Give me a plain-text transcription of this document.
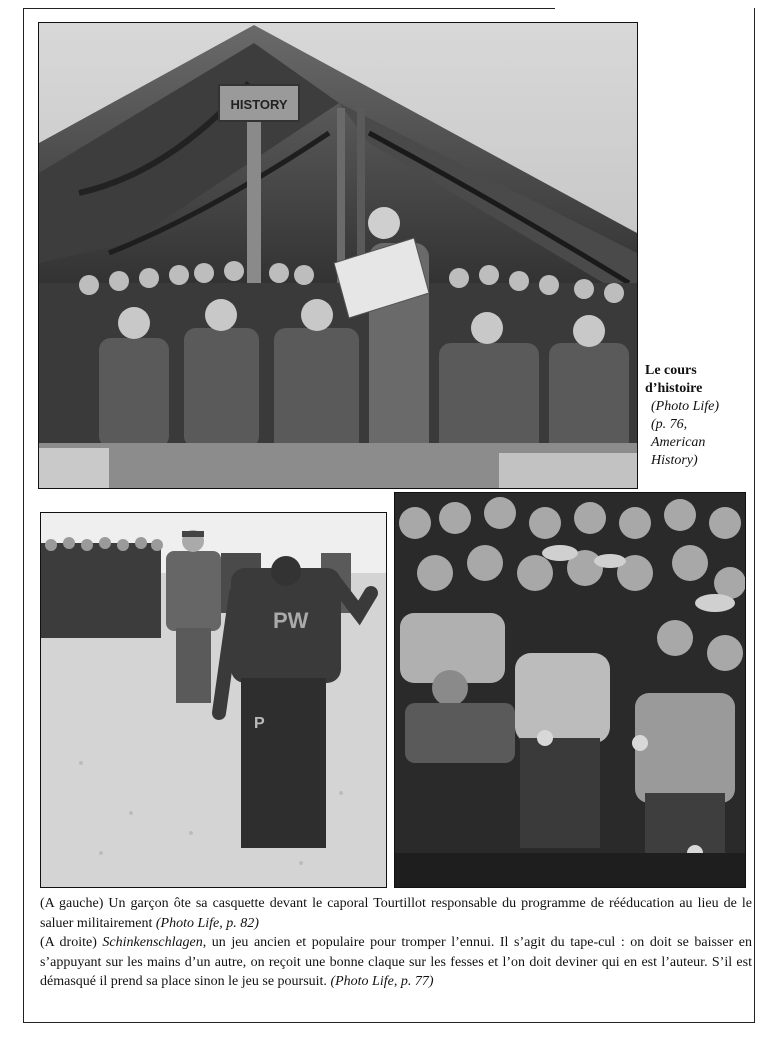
HISTORY
PW
P
Le cours
d’histoire
(Photo Life)
(p. 76,
American
History)

(A gauche) Un garçon ôte sa casquette devant le caporal Tourtillot responsable du programme de rééducation au lieu de le saluer militairement (Photo Life, p. 82)

(A droite) Schinkenschlagen, un jeu ancien et populaire pour tromper l’ennui. Il s’agit du tape-cul : on doit se baisser en s’appuyant sur les mains d’un autre, on reçoit une bonne claque sur les fesses et l’on doit deviner qui en est l’auteur. S’il est démasqué il prend sa place sinon le jeu se poursuit. (Photo Life, p. 77)
